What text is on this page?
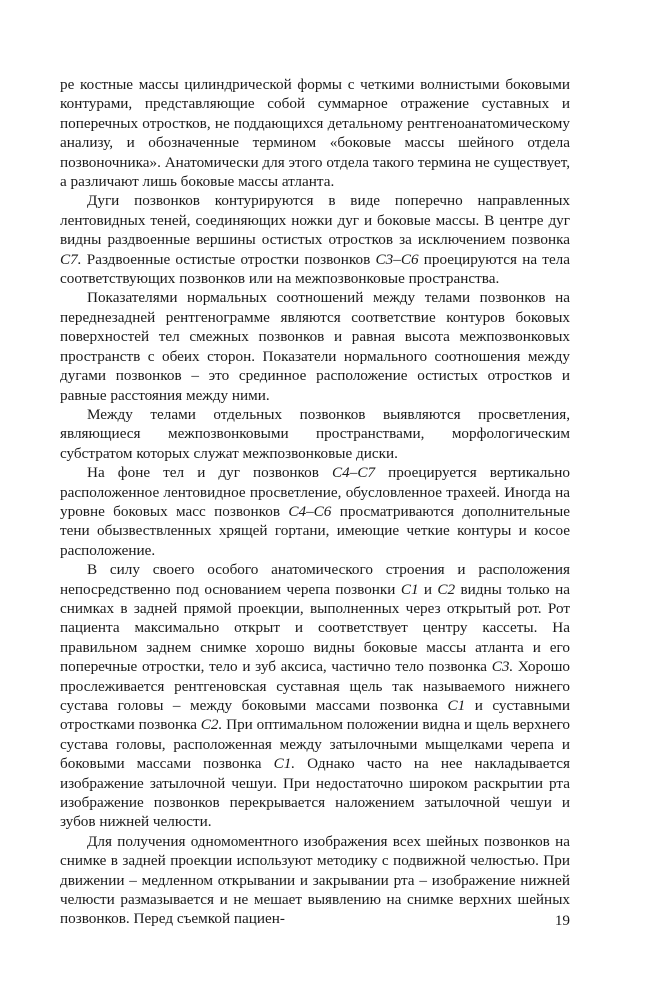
ре костные массы цилиндрической формы с четкими волнистыми боковыми контурами, представляющие собой суммарное отражение суставных и поперечных отростков, не поддающихся детальному рентгеноанатомическому анализу, и обозначенные термином «боковые массы шейного отдела позвоночника». Анатомически для этого отдела такого термина не существует, а различают лишь боковые массы атланта.

Дуги позвонков контурируются в виде поперечно направленных лентовидных теней, соединяющих ножки дуг и боковые массы. В центре дуг видны раздвоенные вершины остистых отростков за исключением позвонка С7. Раздвоенные остистые отростки позвонков С3–С6 проецируются на тела соответствующих позвонков или на межпозвонковые пространства.

Показателями нормальных соотношений между телами позвонков на переднезадней рентгенограмме являются соответствие контуров боковых поверхностей тел смежных позвонков и равная высота межпозвонковых пространств с обеих сторон. Показатели нормального соотношения между дугами позвонков – это срединное расположение остистых отростков и равные расстояния между ними.

Между телами отдельных позвонков выявляются просветления, являющиеся межпозвонковыми пространствами, морфологическим субстратом которых служат межпозвонковые диски.

На фоне тел и дуг позвонков С4–С7 проецируется вертикально расположенное лентовидное просветление, обусловленное трахеей. Иногда на уровне боковых масс позвонков С4–С6 просматриваются дополнительные тени обызвествленных хрящей гортани, имеющие четкие контуры и косое расположение.

В силу своего особого анатомического строения и расположения непосредственно под основанием черепа позвонки С1 и С2 видны только на снимках в задней прямой проекции, выполненных через открытый рот. Рот пациента максимально открыт и соответствует центру кассеты. На правильном заднем снимке хорошо видны боковые массы атланта и его поперечные отростки, тело и зуб аксиса, частично тело позвонка С3. Хорошо прослеживается рентгеновская суставная щель так называемого нижнего сустава головы – между боковыми массами позвонка С1 и суставными отростками позвонка С2. При оптимальном положении видна и щель верхнего сустава головы, расположенная между затылочными мыщелками черепа и боковыми массами позвонка С1. Однако часто на нее накладывается изображение затылочной чешуи. При недостаточно широком раскрытии рта изображение позвонков перекрывается наложением затылочной чешуи и зубов нижней челюсти.

Для получения одномоментного изображения всех шейных позвонков на снимке в задней проекции используют методику с подвижной челюстью. При движении – медленном открывании и закрывании рта – изображение нижней челюсти размазывается и не мешает выявлению на снимке верхних шейных позвонков. Перед съемкой пациен-	19
